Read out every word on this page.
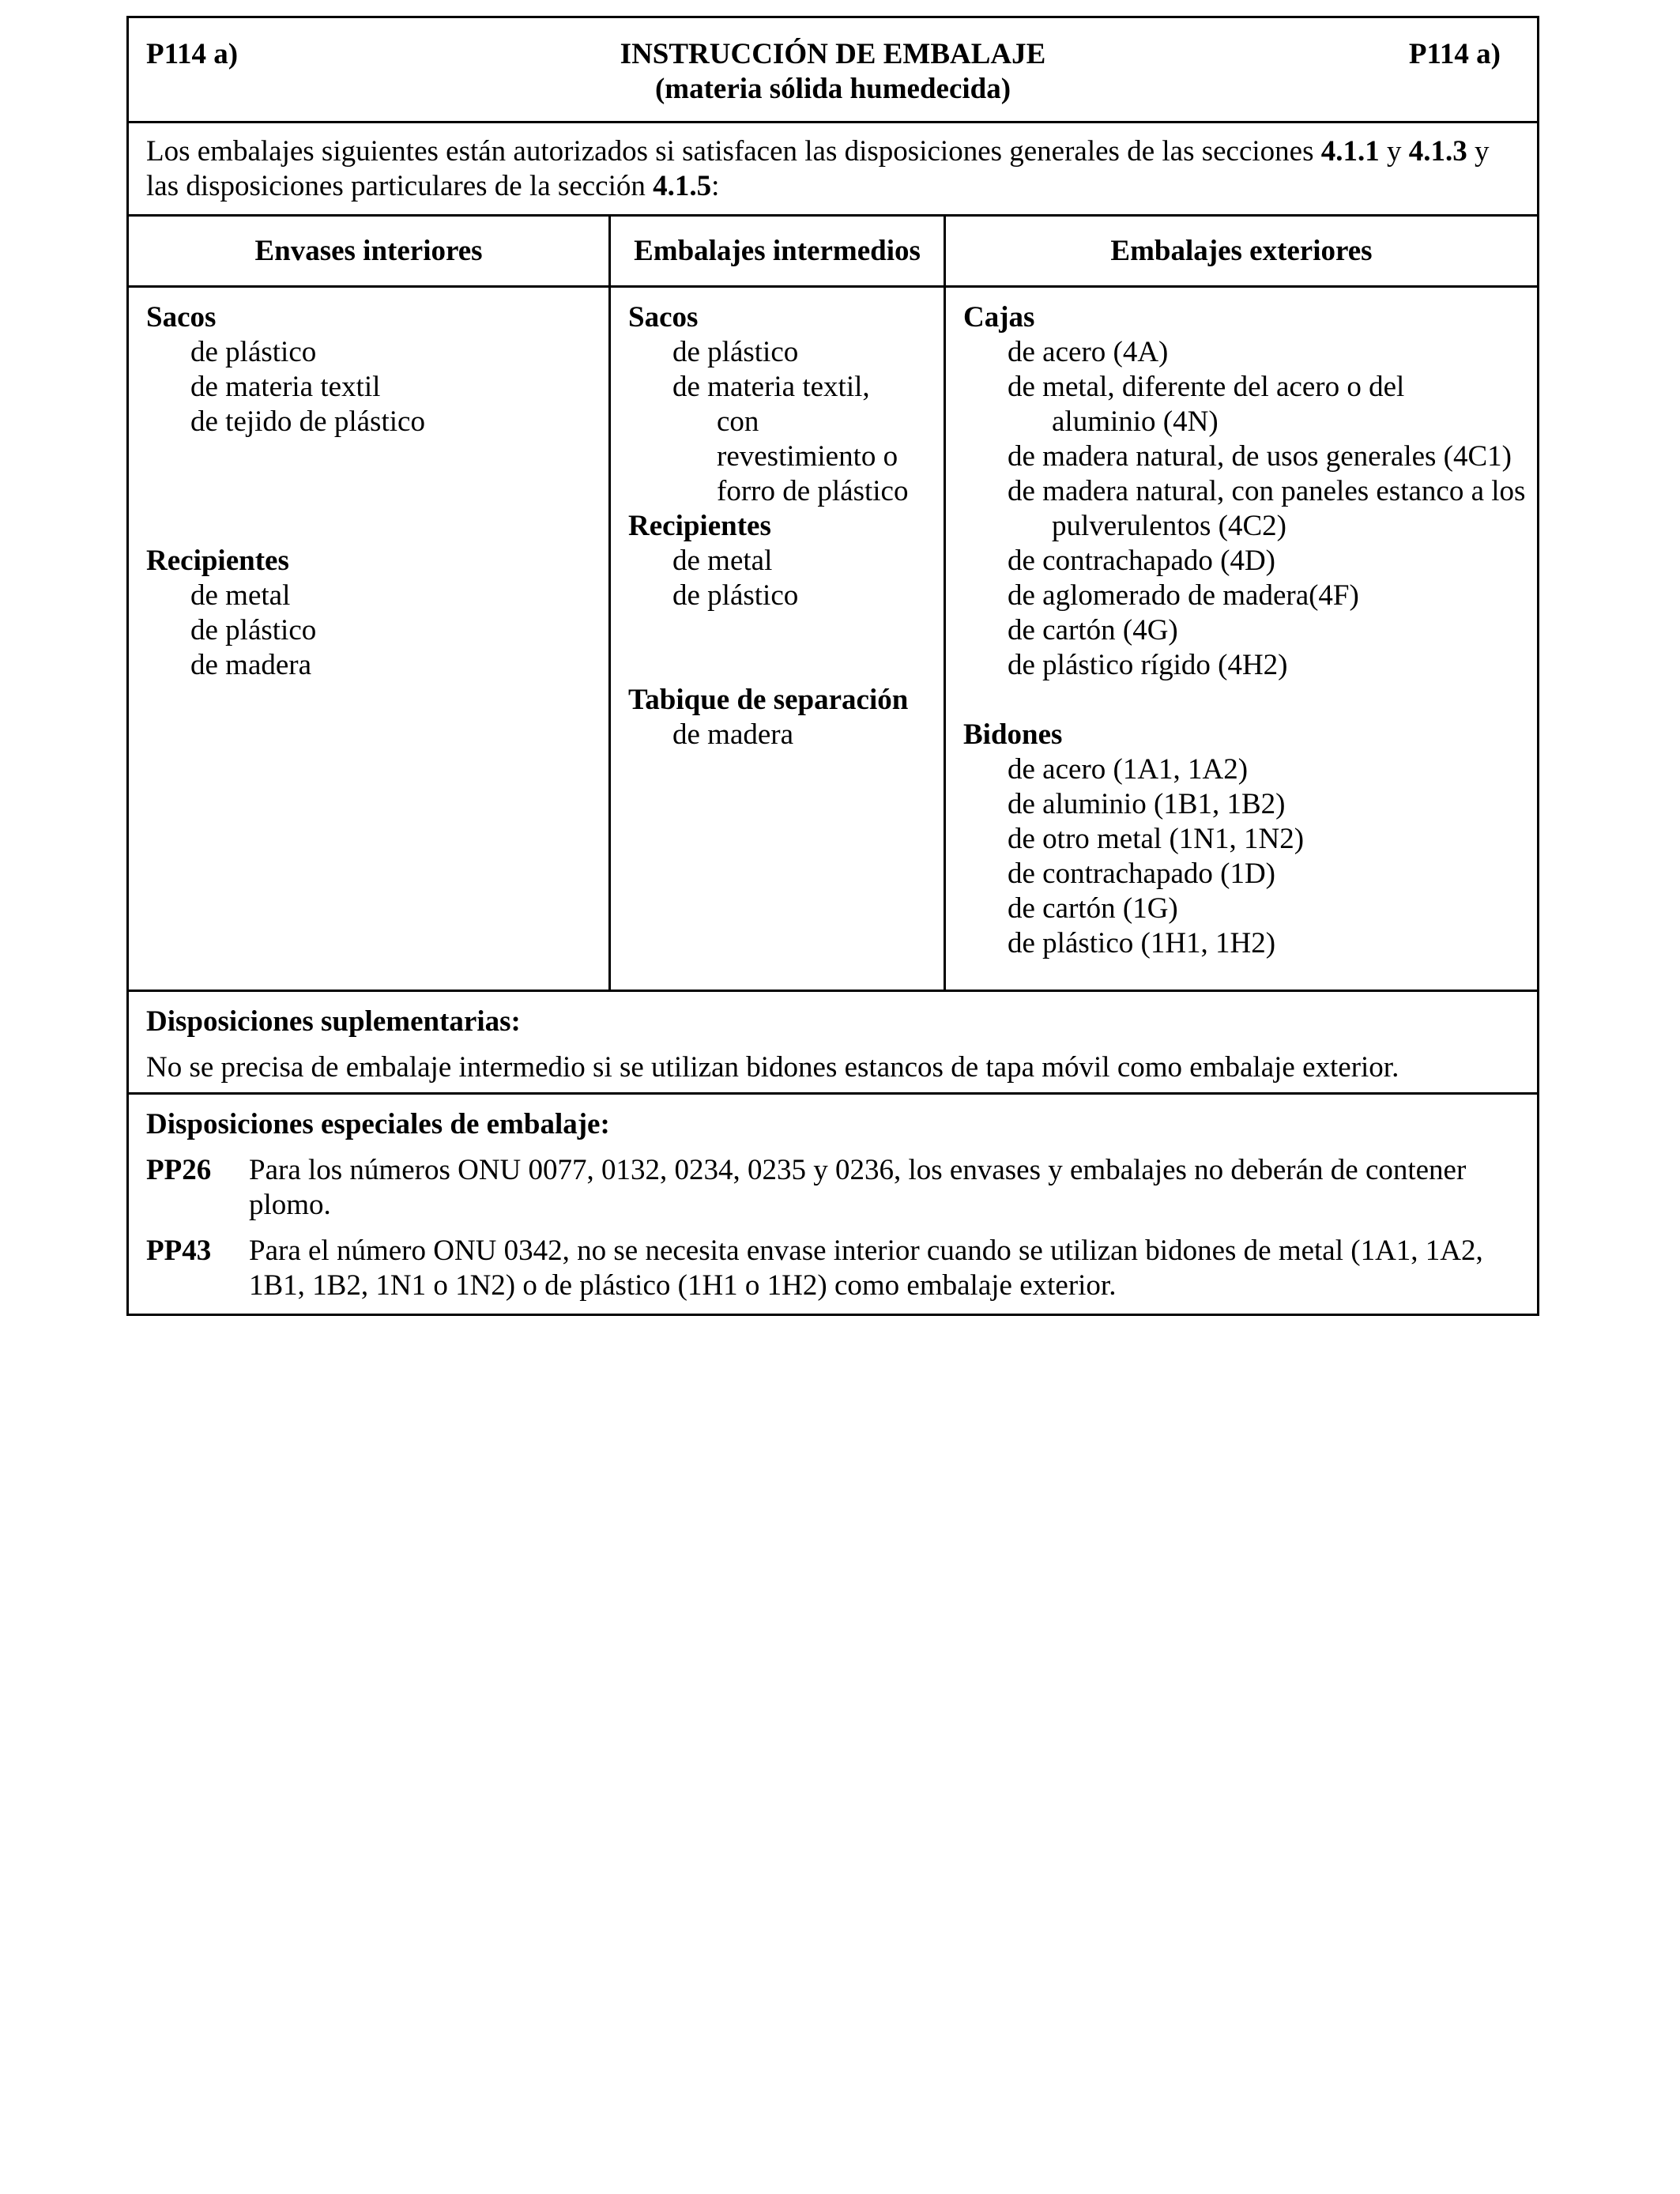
P114 a)	INSTRUCCIÓN DE EMBALAJE
(materia sólida humedecida)
P114 a)
Los embalajes siguientes están autorizados si satisfacen las disposiciones generales de las secciones 4.1.1 y 4.1.3 y las disposiciones particulares de la sección 4.1.5:
Envases interiores
Sacos
de plástico
de materia textil
de tejido de plástico
Recipientes
de metal
de plástico
de madera
Embalajes intermedios
Sacos
de plástico
de materia textil,
con
revestimiento o
forro de plástico
Recipientes
de metal
de plástico
Tabique de separación
de madera
Embalajes exteriores
Cajas
de acero (4A)
de metal, diferente del acero o del aluminio (4N)
de madera natural, de usos generales (4C1)
de madera natural, con paneles estanco a los pulverulentos (4C2)
de contrachapado (4D)
de aglomerado de madera(4F)
de cartón (4G)
de plástico rígido (4H2)
Bidones
de acero (1A1, 1A2)
de aluminio (1B1, 1B2)
de otro metal (1N1, 1N2)
de contrachapado (1D)
de cartón (1G)
de plástico (1H1, 1H2)
Disposiciones suplementarias:
No se precisa de embalaje intermedio si se utilizan bidones estancos de tapa móvil como embalaje exterior.
Disposiciones especiales de embalaje:
PP26 Para los números ONU 0077, 0132, 0234, 0235 y 0236, los envases y embalajes no deberán de contener plomo.
PP43 Para el número ONU 0342, no se necesita envase interior cuando se utilizan bidones de metal (1A1, 1A2, 1B1, 1B2, 1N1 o 1N2) o de plástico (1H1 o 1H2) como embalaje exterior.
